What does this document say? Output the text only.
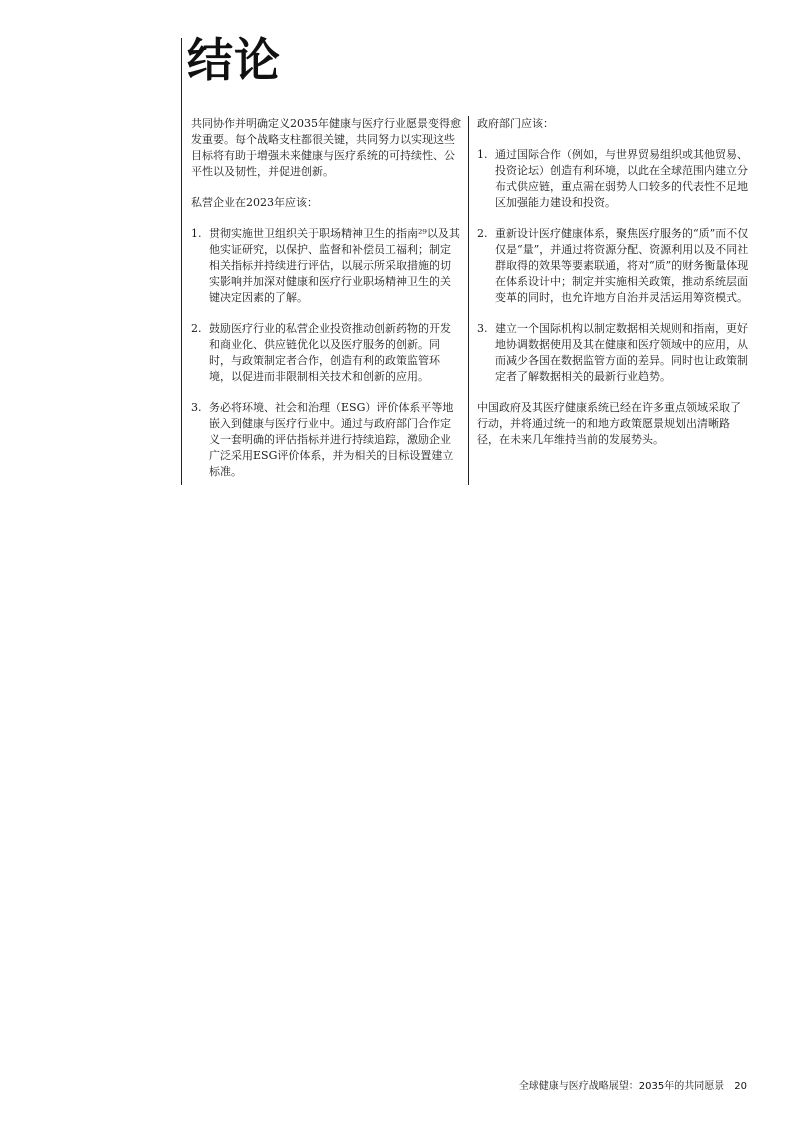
结论

共同协作并明确定义2035年健康与医疗行业愿景变得愈发重要。每个战略支柱都很关键，共同努力以实现这些目标将有助于增强未来健康与医疗系统的可持续性、公平性以及韧性，并促进创新。

私营企业在2023年应该：

1. 贯彻实施世卫组织关于职场精神卫生的指南²⁹以及其他实证研究，以保护、监督和补偿员工福利；制定相关指标并持续进行评估，以展示所采取措施的切实影响并加深对健康和医疗行业职场精神卫生的关键决定因素的了解。
2. 鼓励医疗行业的私营企业投资推动创新药物的开发和商业化、供应链优化以及医疗服务的创新。同时，与政策制定者合作，创造有利的政策监管环境，以促进而非限制相关技术和创新的应用。
3. 务必将环境、社会和治理（ESG）评价体系平等地嵌入到健康与医疗行业中。通过与政府部门合作定义一套明确的评估指标并进行持续追踪，激励企业广泛采用ESG评价体系，并为相关的目标设置建立标准。

政府部门应该：

1. 通过国际合作（例如，与世界贸易组织或其他贸易、投资论坛）创造有利环境，以此在全球范围内建立分布式供应链，重点需在弱势人口较多的代表性不足地区加强能力建设和投资。
2. 重新设计医疗健康体系，聚焦医疗服务的“质”而不仅仅是“量”，并通过将资源分配、资源利用以及不同社群取得的效果等要素联通，将对“质”的财务衡量体现在体系设计中；制定并实施相关政策，推动系统层面变革的同时，也允许地方自治并灵活运用筹资模式。
3. 建立一个国际机构以制定数据相关规则和指南，更好地协调数据使用及其在健康和医疗领域中的应用，从而减少各国在数据监管方面的差异。同时也让政策制定者了解数据相关的最新行业趋势。

中国政府及其医疗健康系统已经在许多重点领域采取了行动，并将通过统一的和地方政策愿景规划出清晰路径，在未来几年维持当前的发展势头。

全球健康与医疗战略展望：2035年的共同愿景 20
